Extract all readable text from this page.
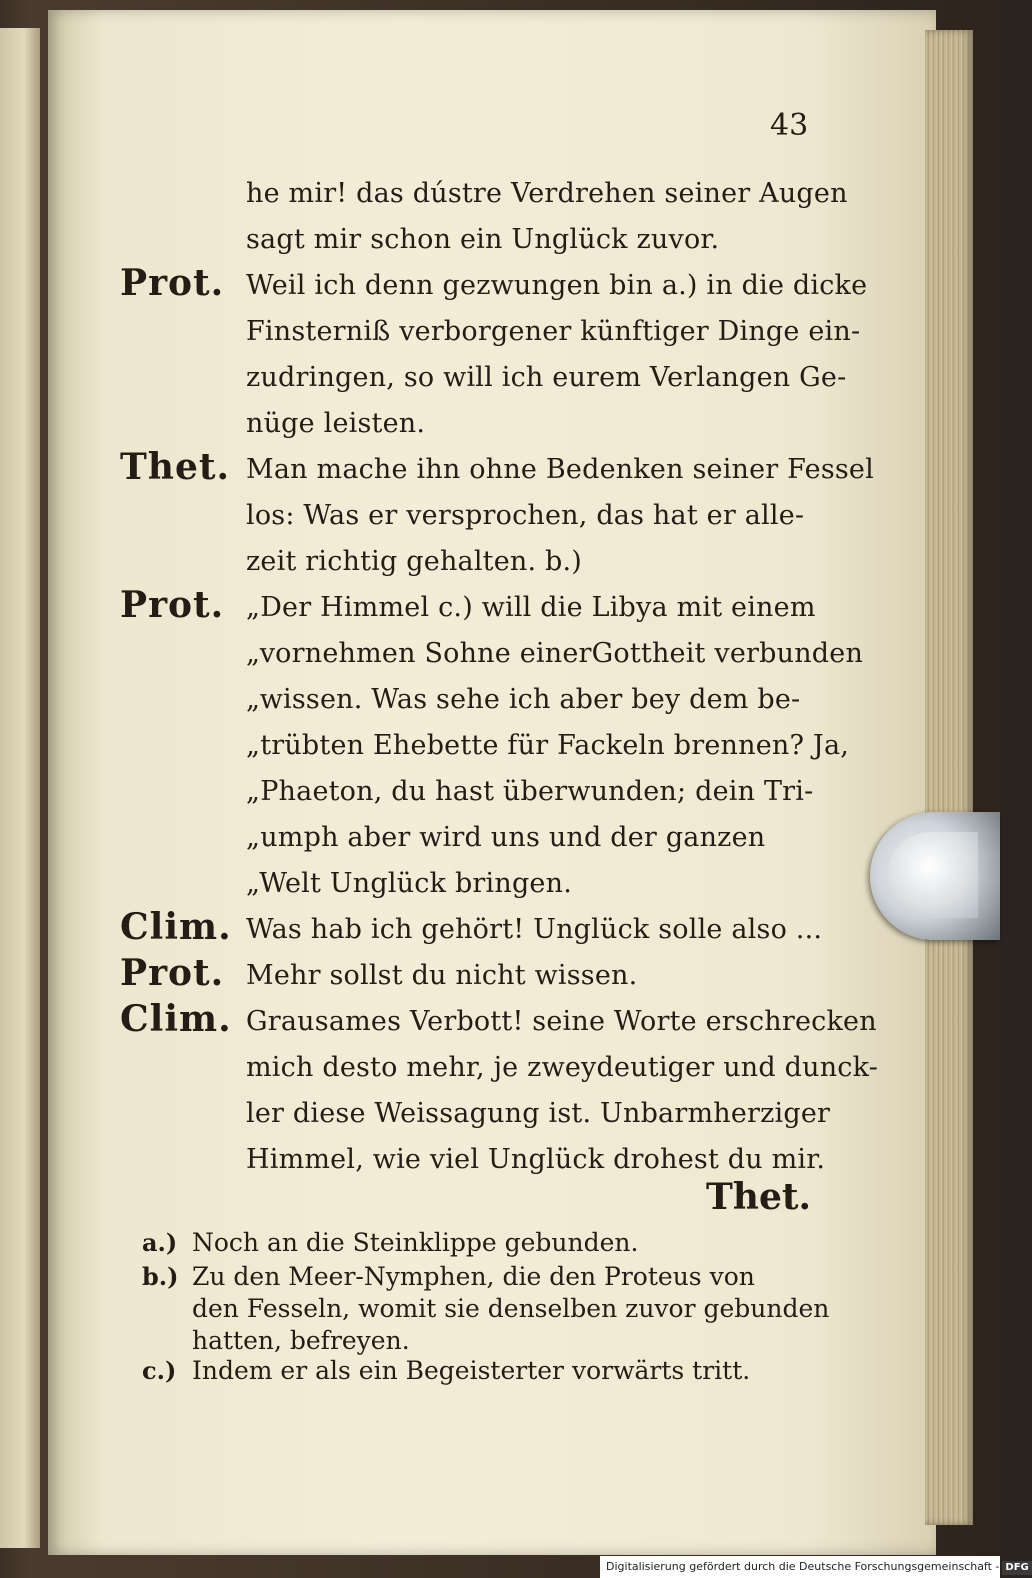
43
he mir! das dústre Verdrehen seiner Augen
sagt mir schon ein Unglück zuvor.
Prot. Weil ich denn gezwungen bin a.) in die dicke
Finsterniß verborgener künftiger Dinge ein-
zudringen, so will ich eurem Verlangen Ge-
nüge leisten.
Thet. Man mache ihn ohne Bedenken seiner Fessel
los: Was er versprochen, das hat er alle-
zeit richtig gehalten. b.)
Prot. „Der Himmel c.) will die Libya mit einem
„vornehmen Sohne einerGottheit verbunden
„wissen. Was sehe ich aber bey dem be-
„trübten Ehebette für Fackeln brennen? Ja,
„Phaeton, du hast überwunden; dein Tri-
„umph aber wird uns und der ganzen
„Welt Unglück bringen.
Clim. Was hab ich gehört! Unglück solle also ...
Prot. Mehr sollst du nicht wissen.
Clim. Grausames Verbott! seine Worte erschrecken
mich desto mehr, je zweydeutiger und dunck-
ler diese Weissagung ist. Unbarmherziger
Himmel, wie viel Unglück drohest du mir.
Thet.
a.) Noch an die Steinklippe gebunden.
b.) Zu den Meer-Nymphen, die den Proteus von
den Fesseln, womit sie denselben zuvor gebunden
hatten, befreyen.
c.) Indem er als ein Begeisterter vorwärts tritt.
Digitalisierung gefördert durch die Deutsche Forschungsgemeinschaft - DFG
